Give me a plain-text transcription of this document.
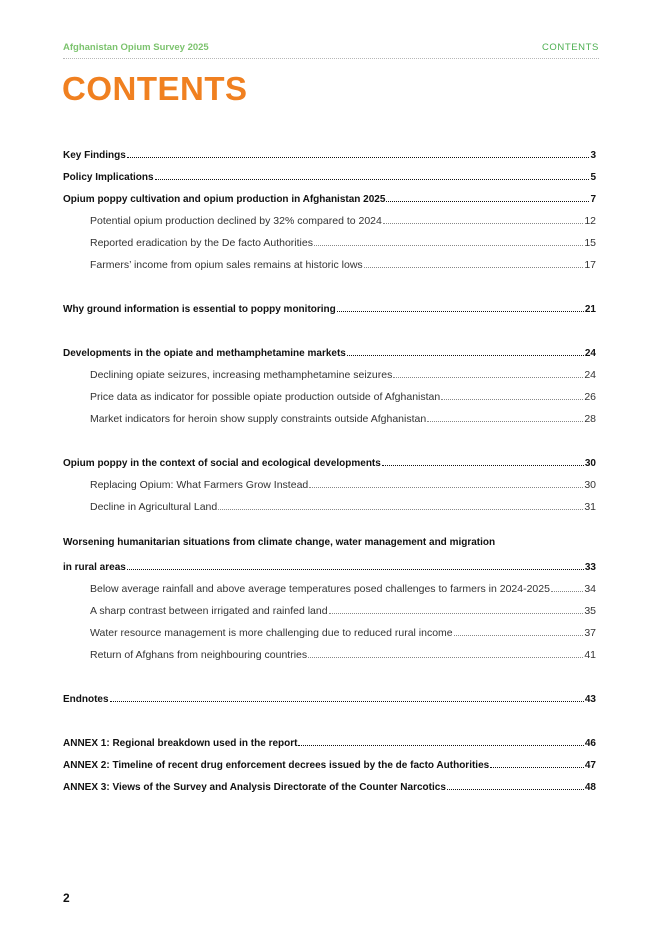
Afghanistan Opium Survey 2025	CONTENTS
CONTENTS
Key Findings	3
Policy Implications	5
Opium poppy cultivation and opium production in Afghanistan 2025	7
Potential opium production declined by 32% compared to 2024	12
Reported eradication by the De facto Authorities	15
Farmers’ income from opium sales remains at historic lows	17
Why ground information is essential to poppy monitoring	21
Developments in the opiate and methamphetamine markets	24
Declining opiate seizures, increasing methamphetamine seizures	24
Price data as indicator for possible opiate production outside of Afghanistan	26
Market indicators for heroin show supply constraints outside Afghanistan	28
Opium poppy in the context of social and ecological developments	30
Replacing Opium: What Farmers Grow Instead	30
Decline in Agricultural Land	31
Worsening humanitarian situations from climate change, water management and migration
in rural areas	33
Below average rainfall and above average temperatures posed challenges to farmers in 2024-2025	34
A sharp contrast between irrigated and rainfed land	35
Water resource management is more challenging due to reduced rural income	37
Return of Afghans from neighbouring countries	41
Endnotes	43
ANNEX 1: Regional breakdown used in the report	46
ANNEX 2: Timeline of recent drug enforcement decrees issued by the de facto Authorities	47
ANNEX 3: Views of the Survey and Analysis Directorate of the Counter Narcotics	48
2
